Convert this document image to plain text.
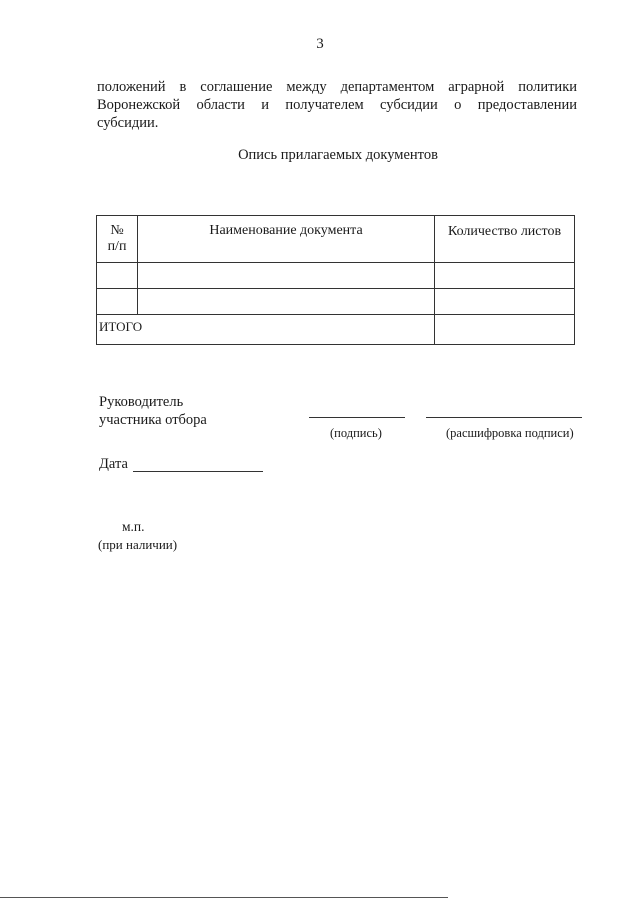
3
положений в соглашение между департаментом аграрной политики
Воронежской области и получателем субсидии о предоставлении
субсидии.
Опись прилагаемых документов
№
п/п	Наименование документа	Количество листов

ИТОГО		
Руководитель
участника отбора
(подпись)	(расшифровка подписи)
Дата
м.п.
(при наличии)
